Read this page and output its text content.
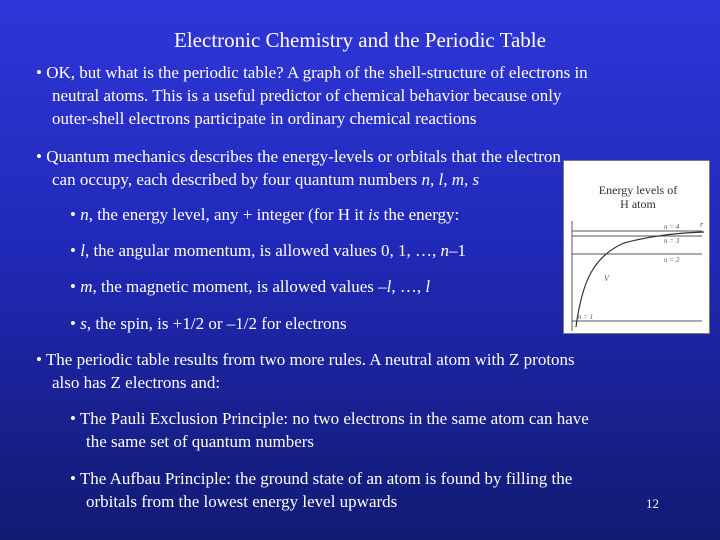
Electronic Chemistry and the Periodic Table
• OK, but what is the periodic table? A graph of the shell-structure of electrons in
neutral atoms. This is a useful predictor of chemical behavior because only
outer-shell electrons participate in ordinary chemical reactions
• Quantum mechanics describes the energy-levels or orbitals that the electron
can occupy, each described by four quantum numbers n, l, m, s
• n, the energy level, any + integer (for H it is the energy:
• l, the angular momentum, is allowed values 0, 1, …, n–1
• m, the magnetic moment, is allowed values –l, …, l
• s, the spin, is +1/2 or –1/2 for electrons
• The periodic table results from two more rules. A neutral atom with Z protons
also has Z electrons and:
• The Pauli Exclusion Principle: no two electrons in the same atom can have
the same set of quantum numbers
• The Aufbau Principle: the ground state of an atom is found by filling the
orbitals from the lowest energy level upwards	12
n = 4
n = 3
n = 2
n = 1
V
r
Energy levels of
H atom
